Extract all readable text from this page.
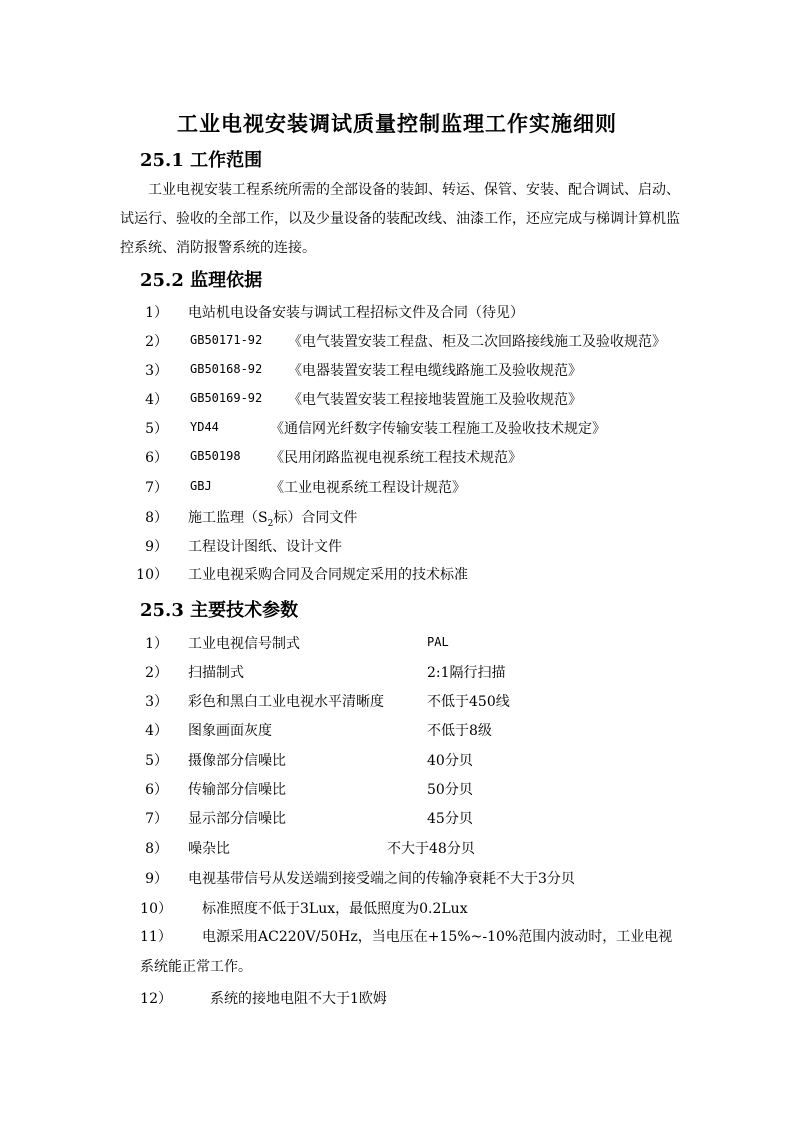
工业电视安装调试质量控制监理工作实施细则
25.1 工作范围
工业电视安装工程系统所需的全部设备的装卸、转运、保管、安装、配合调试、启动、试运行、验收的全部工作，以及少量设备的装配改线、油漆工作，还应完成与梯调计算机监控系统、消防报警系统的连接。
25.2 监理依据
1） 电站机电设备安装与调试工程招标文件及合同（待见）
2） GB50171-92 《电气装置安装工程盘、柜及二次回路接线施工及验收规范》
3） GB50168-92 《电器装置安装工程电缆线路施工及验收规范》
4） GB50169-92 《电气装置安装工程接地装置施工及验收规范》
5） YD44	《通信网光纤数字传输安装工程施工及验收技术规定》
6） GB50198 《民用闭路监视电视系统工程技术规范》
7） GBJ	《工业电视系统工程设计规范》
8） 施工监理（$S_2$标）合同文件
9） 工程设计图纸、设计文件
10） 工业电视采购合同及合同规定采用的技术标准
25.3 主要技术参数
1） 工业电视信号制式	PAL
2） 扫描制式	2:1隔行扫描
3） 彩色和黑白工业电视水平清晰度	不低于450线
4） 图象画面灰度	不低于8级
5） 摄像部分信噪比	40分贝
6） 传输部分信噪比	50分贝
7） 显示部分信噪比	45分贝
8） 噪杂比	不大于48分贝
9） 电视基带信号从发送端到接受端之间的传输净衰耗不大于3分贝
10） 标准照度不低于3Lux，最低照度为0.2Lux
11） 电源采用AC220V/50Hz，当电压在+15%~-10%范围内波动时，工业电视系统能正常工作。
12）	系统的接地电阻不大于1欧姆
